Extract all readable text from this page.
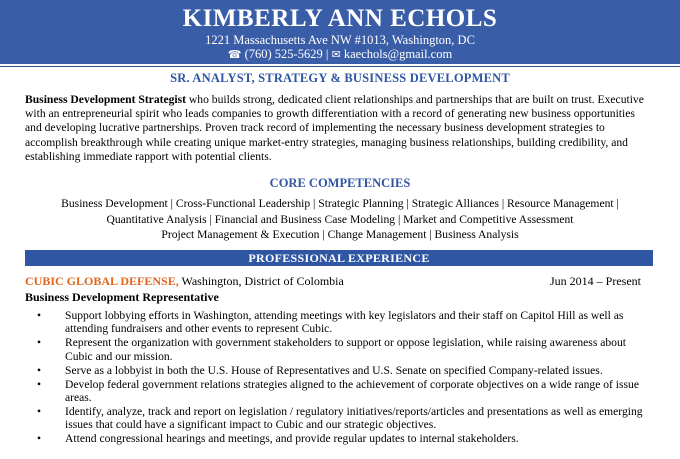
KIMBERLY ANN ECHOLS
1221 Massachusetts Ave NW #1013, Washington, DC
☎ (760) 525-5629 | ✉ kaechols@gmail.com
SR. ANALYST, STRATEGY & BUSINESS DEVELOPMENT
Business Development Strategist who builds strong, dedicated client relationships and partnerships that are built on trust. Executive with an entrepreneurial spirit who leads companies to growth differentiation with a record of generating new business opportunities and developing lucrative partnerships. Proven track record of implementing the necessary business development strategies to accomplish breakthrough while creating unique market-entry strategies, managing business relationships, building credibility, and establishing immediate rapport with potential clients.
CORE COMPETENCIES
Business Development | Cross-Functional Leadership | Strategic Planning | Strategic Alliances | Resource Management |
Quantitative Analysis | Financial and Business Case Modeling | Market and Competitive Assessment
Project Management & Execution | Change Management | Business Analysis
PROFESSIONAL EXPERIENCE
CUBIC GLOBAL DEFENSE, Washington, District of Colombia	Jun 2014 – Present
Business Development Representative
• Support lobbying efforts in Washington, attending meetings with key legislators and their staff on Capitol Hill as well as attending fundraisers and other events to represent Cubic.
• Represent the organization with government stakeholders to support or oppose legislation, while raising awareness about Cubic and our mission.
• Serve as a lobbyist in both the U.S. House of Representatives and U.S. Senate on specified Company-related issues.
• Develop federal government relations strategies aligned to the achievement of corporate objectives on a wide range of issue areas.
• Identify, analyze, track and report on legislation / regulatory initiatives/reports/articles and presentations as well as emerging issues that could have a significant impact to Cubic and our strategic objectives.
• Attend congressional hearings and meetings, and provide regular updates to internal stakeholders.
